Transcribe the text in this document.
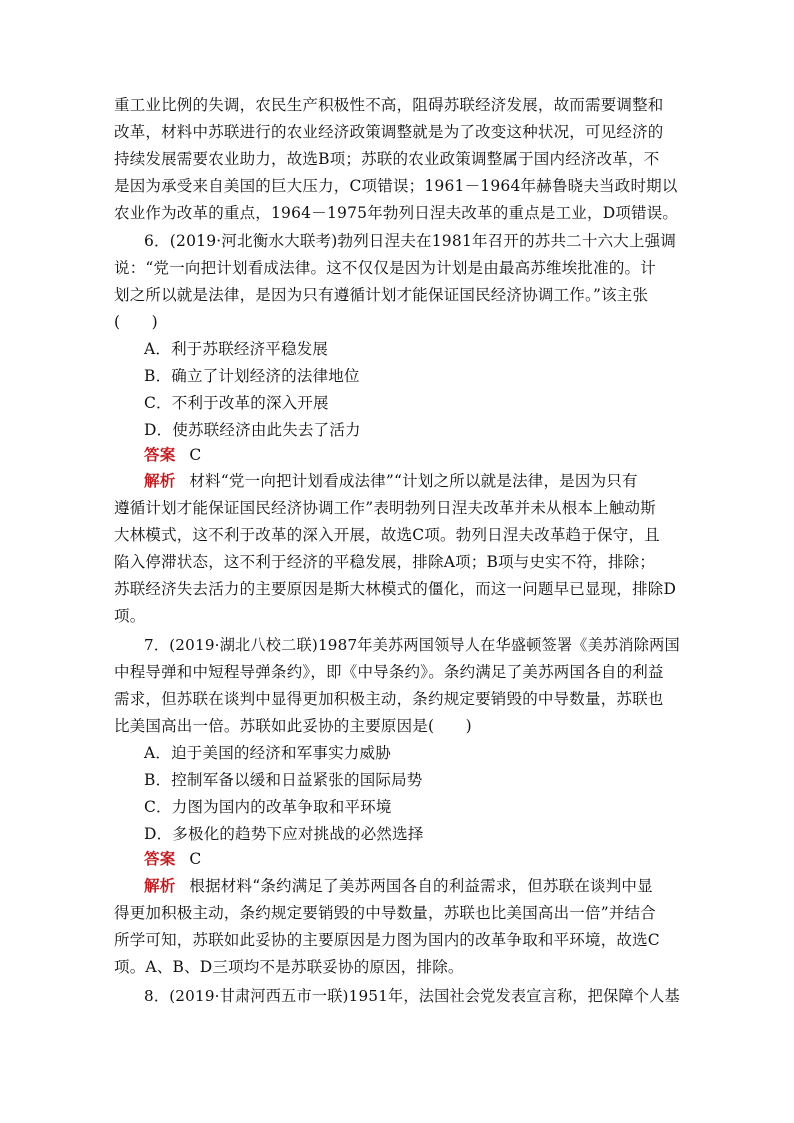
重工业比例的失调，农民生产积极性不高，阻碍苏联经济发展，故而需要调整和
改革，材料中苏联进行的农业经济政策调整就是为了改变这种状况，可见经济的
持续发展需要农业助力，故选B项；苏联的农业政策调整属于国内经济改革，不
是因为承受来自美国的巨大压力，C项错误；1961－1964年赫鲁晓夫当政时期以
农业作为改革的重点，1964－1975年勃列日涅夫改革的重点是工业，D项错误。
6．(2019·河北衡水大联考)勃列日涅夫在1981年召开的苏共二十六大上强调
说：“党一向把计划看成法律。这不仅仅是因为计划是由最高苏维埃批准的。计
划之所以就是法律，是因为只有遵循计划才能保证国民经济协调工作。”该主张
(　　)
A．利于苏联经济平稳发展
B．确立了计划经济的法律地位
C．不利于改革的深入开展
D．使苏联经济由此失去了活力
答案 C
解析 材料“党一向把计划看成法律”“计划之所以就是法律，是因为只有
遵循计划才能保证国民经济协调工作”表明勃列日涅夫改革并未从根本上触动斯
大林模式，这不利于改革的深入开展，故选C项。勃列日涅夫改革趋于保守，且
陷入停滞状态，这不利于经济的平稳发展，排除A项；B项与史实不符，排除；
苏联经济失去活力的主要原因是斯大林模式的僵化，而这一问题早已显现，排除D
项。
7．(2019·湖北八校二联)1987年美苏两国领导人在华盛顿签署《美苏消除两国
中程导弹和中短程导弹条约》，即《中导条约》。条约满足了美苏两国各自的利益
需求，但苏联在谈判中显得更加积极主动，条约规定要销毁的中导数量，苏联也
比美国高出一倍。苏联如此妥协的主要原因是(　　)
A．迫于美国的经济和军事实力威胁
B．控制军备以缓和日益紧张的国际局势
C．力图为国内的改革争取和平环境
D．多极化的趋势下应对挑战的必然选择
答案 C
解析 根据材料“条约满足了美苏两国各自的利益需求，但苏联在谈判中显
得更加积极主动，条约规定要销毁的中导数量，苏联也比美国高出一倍”并结合
所学可知，苏联如此妥协的主要原因是力图为国内的改革争取和平环境，故选C
项。A、B、D三项均不是苏联妥协的原因，排除。
8．(2019·甘肃河西五市一联)1951年，法国社会党发表宣言称，把保障个人基
